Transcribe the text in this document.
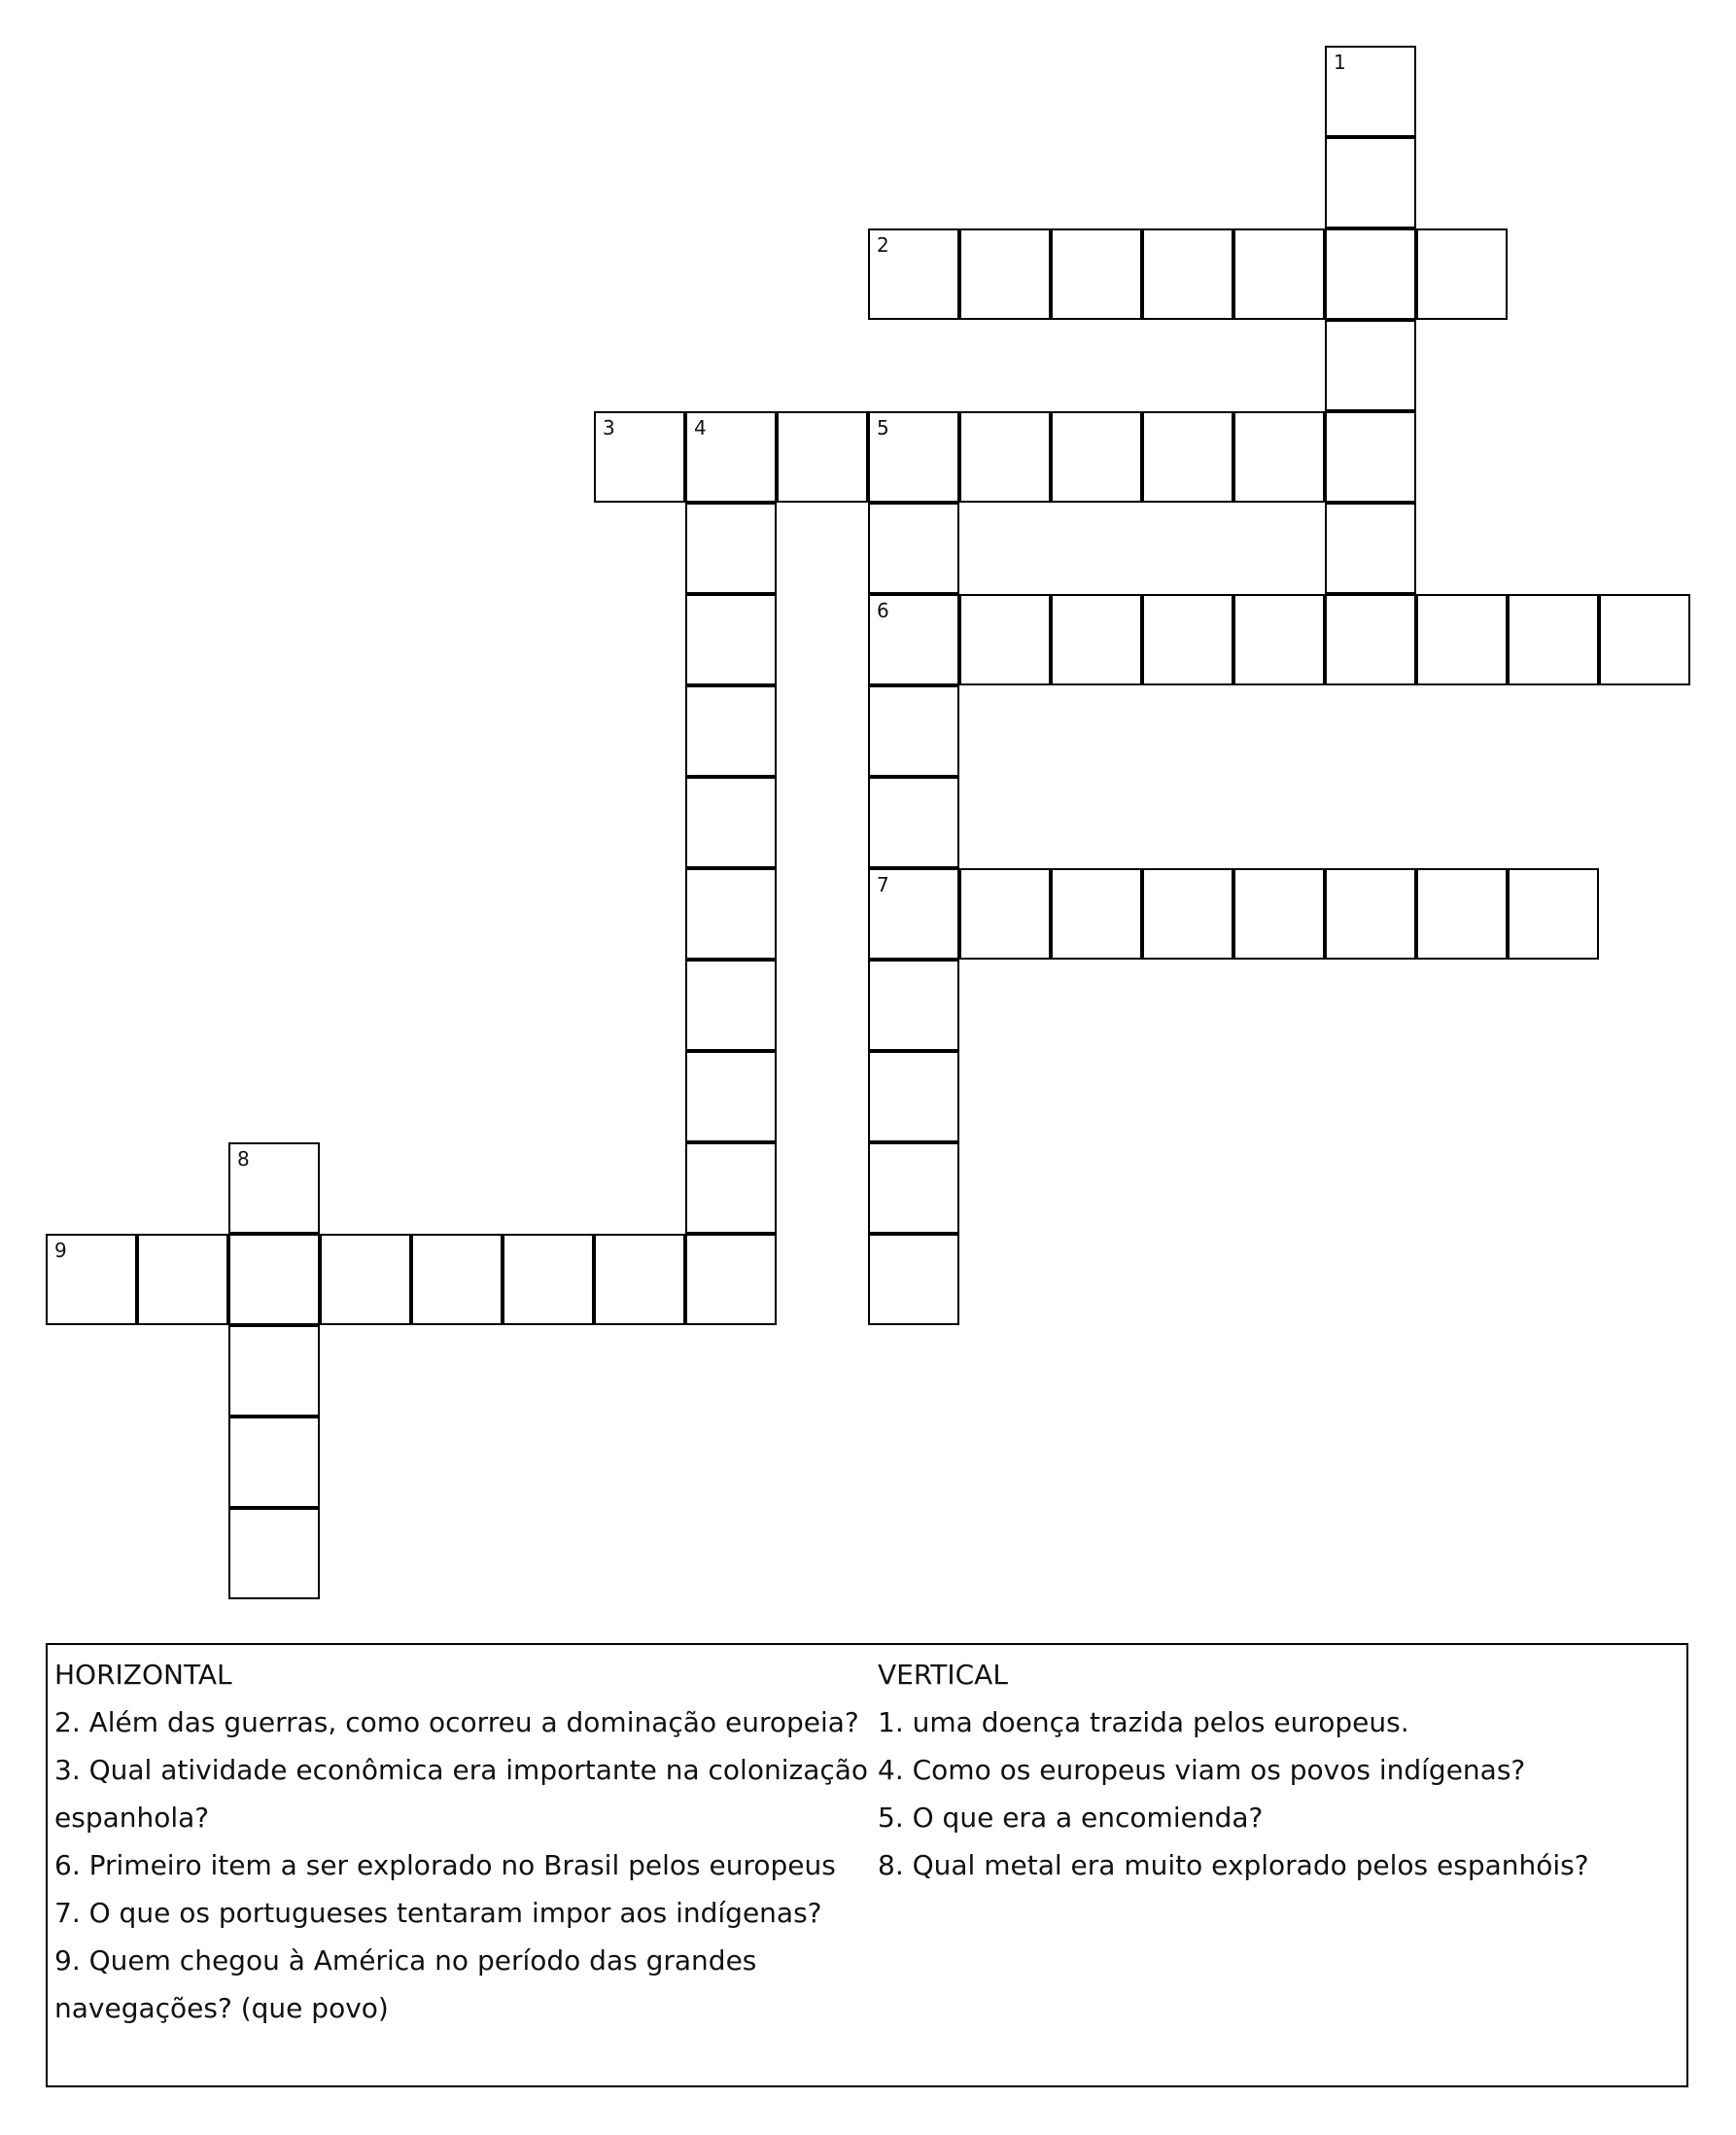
1
2
3	4	5
6
7
8
9

HORIZONTAL

2. Além das guerras, como ocorreu a dominação europeia?

3. Qual atividade econômica era importante na colonização espanhola?

6. Primeiro item a ser explorado no Brasil pelos europeus

7. O que os portugueses tentaram impor aos indígenas?

9. Quem chegou à América no período das grandes navegações? (que povo)

VERTICAL

1. uma doença trazida pelos europeus.

4. Como os europeus viam os povos indígenas?

5. O que era a encomienda?

8. Qual metal era muito explorado pelos espanhóis?
